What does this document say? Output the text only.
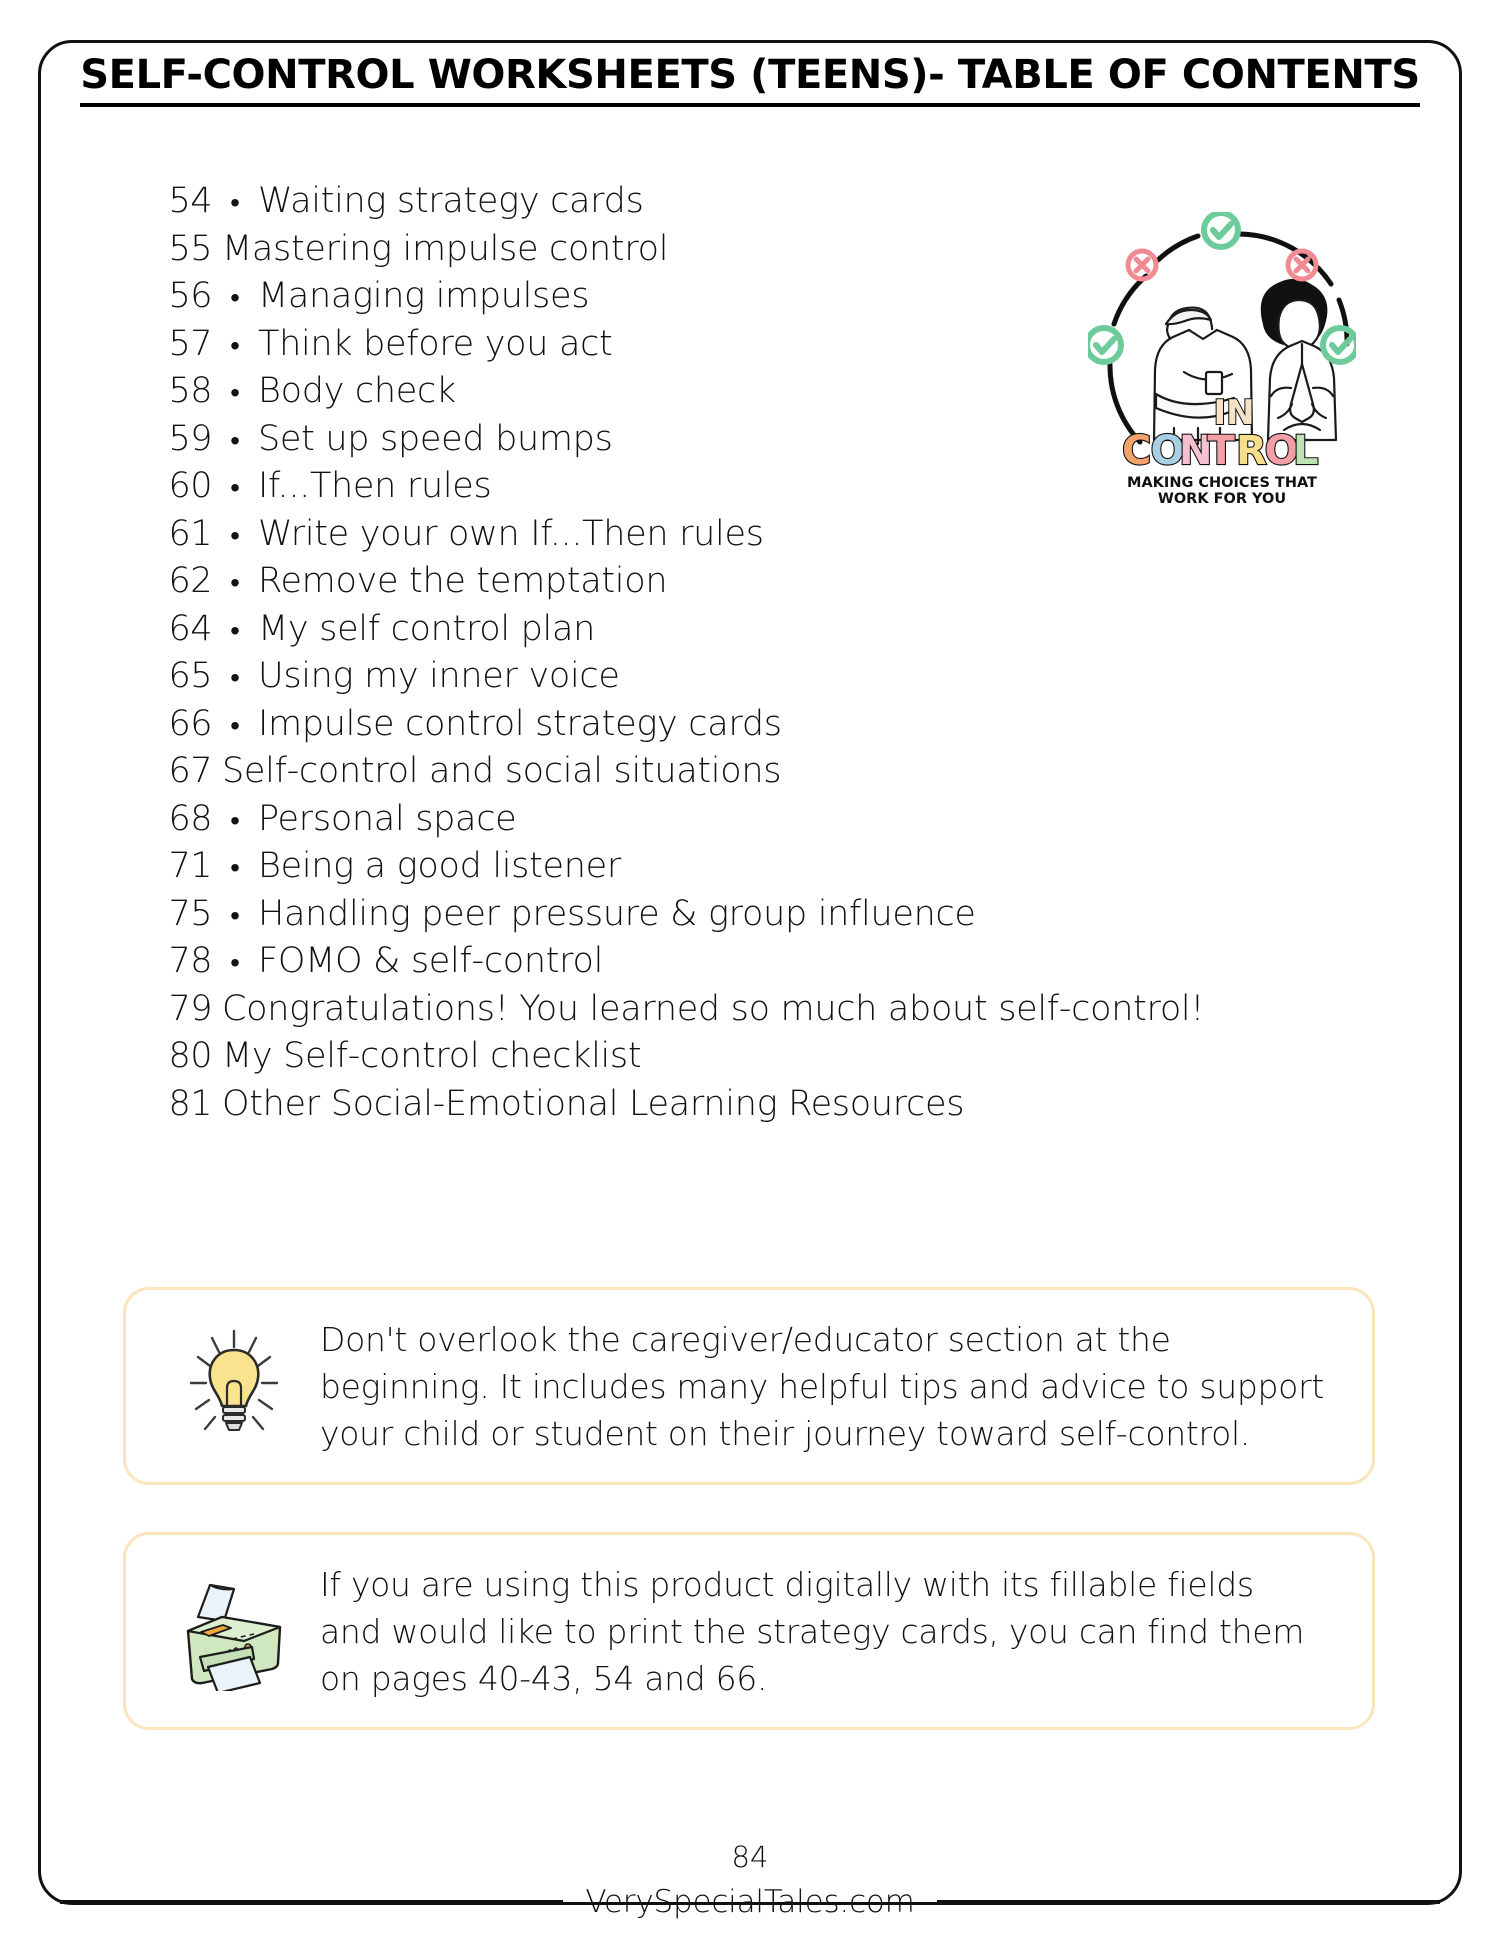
SELF-CONTROL WORKSHEETS (TEENS)- TABLE OF CONTENTS
54 • Waiting strategy cards
55 Mastering impulse control
56 • Managing impulses
57 • Think before you act
58 • Body check
59 • Set up speed bumps
60 • If...Then rules
61 • Write your own If...Then rules
62 • Remove the temptation
64 • My self control plan
65 • Using my inner voice
66 • Impulse control strategy cards
67 Self-control and social situations
68 • Personal space
71 • Being a good listener
75 • Handling peer pressure & group influence
78 • FOMO & self-control
79 Congratulations! You learned so much about self-control!
80 My Self-control checklist
81 Other Social-Emotional Learning Resources
IN
C O
N
T R
O
L
MAKING CHOICES THAT
WORK FOR YOU
Don't overlook the caregiver/educator section at the beginning. It includes many helpful tips and advice to support your child or student on their journey toward self-control.
If you are using this product digitally with its fillable fields and would like to print the strategy cards, you can find them on pages 40-43, 54 and 66.
84
VerySpecialTales.com
